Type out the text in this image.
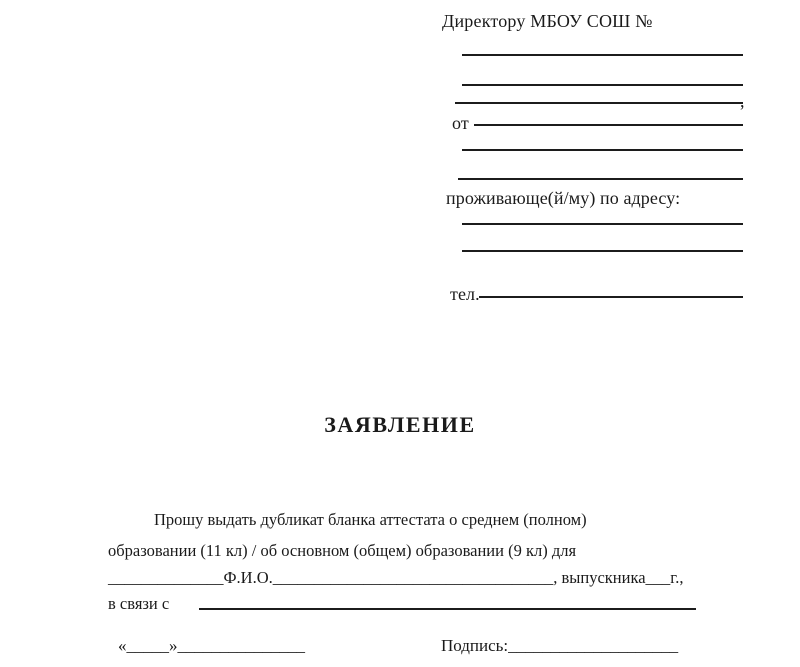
Директору МБОУ СОШ №
,
от
проживающе(й/му) по адресу:
тел.
ЗАЯВЛЕНИЕ
Прошу выдать дубликат бланка аттестата о среднем (полном)
образовании (11 кл) / об основном (общем) образовании (9 кл) для
______________Ф.И.О.__________________________________, выпускника___г.,
в связи с
«_____»_______________	Подпись:____________________
